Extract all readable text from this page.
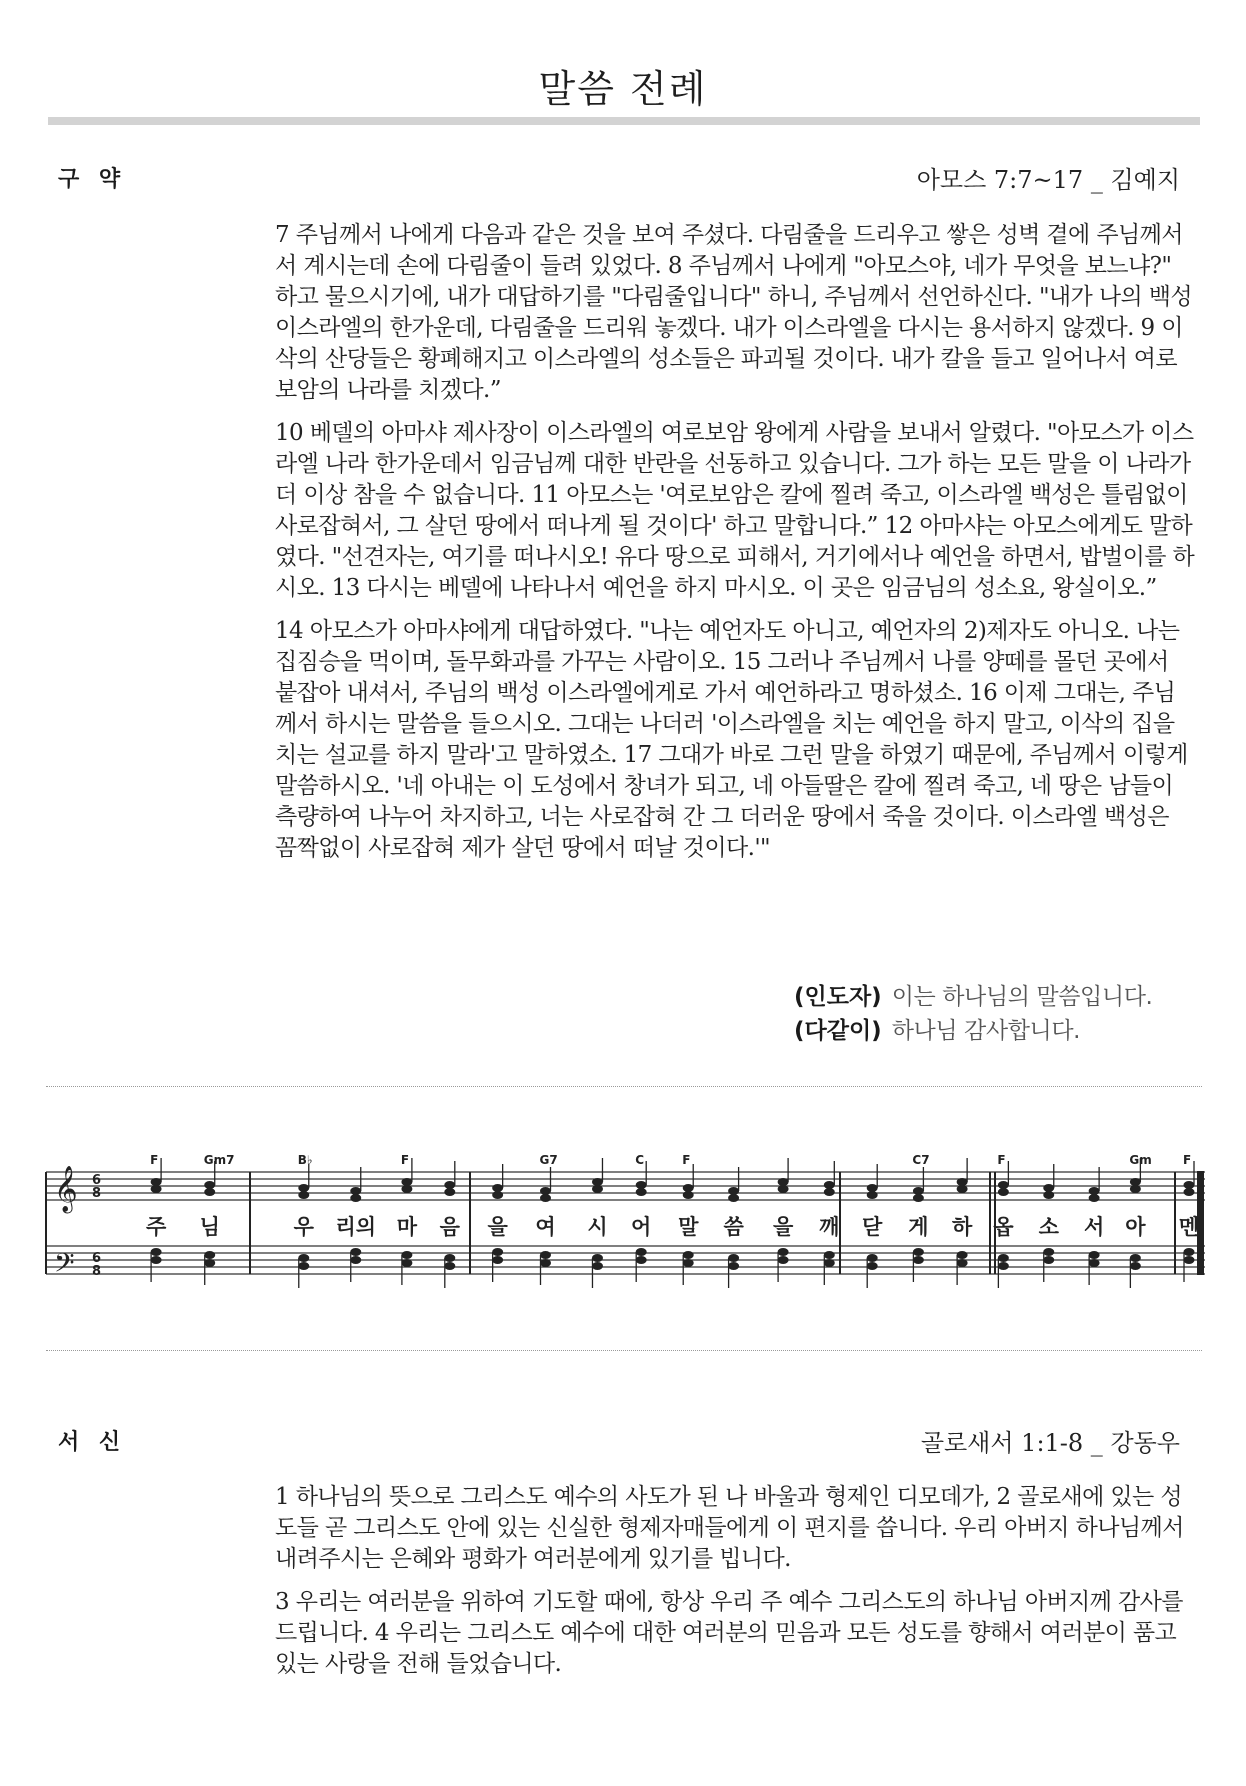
말씀 전례
구 약	아모스 7:7~17 _ 김예지

7 주님께서 나에게 다음과 같은 것을 보여 주셨다. 다림줄을 드리우고 쌓은 성벽 곁에 주님께서 서 계시는데 손에 다림줄이 들려 있었다. 8 주님께서 나에게 "아모스야, 네가 무엇을 보느냐?" 하고 물으시기에, 내가 대답하기를 "다림줄입니다" 하니, 주님께서 선언하신다. "내가 나의 백성 이스라엘의 한가운데, 다림줄을 드리워 놓겠다. 내가 이스라엘을 다시는 용서하지 않겠다. 9 이삭의 산당들은 황폐해지고 이스라엘의 성소들은 파괴될 것이다. 내가 칼을 들고 일어나서 여로보암의 나라를 치겠다.”

10 베델의 아마샤 제사장이 이스라엘의 여로보암 왕에게 사람을 보내서 알렸다. "아모스가 이스라엘 나라 한가운데서 임금님께 대한 반란을 선동하고 있습니다. 그가 하는 모든 말을 이 나라가 더 이상 참을 수 없습니다. 11 아모스는 '여로보암은 칼에 찔려 죽고, 이스라엘 백성은 틀림없이 사로잡혀서, 그 살던 땅에서 떠나게 될 것이다' 하고 말합니다.” 12 아마샤는 아모스에게도 말하였다. "선견자는, 여기를 떠나시오! 유다 땅으로 피해서, 거기에서나 예언을 하면서, 밥벌이를 하시오. 13 다시는 베델에 나타나서 예언을 하지 마시오. 이 곳은 임금님의 성소요, 왕실이오.”

14 아모스가 아마샤에게 대답하였다. "나는 예언자도 아니고, 예언자의 2)제자도 아니오. 나는 집짐승을 먹이며, 돌무화과를 가꾸는 사람이오. 15 그러나 주님께서 나를 양떼를 몰던 곳에서 붙잡아 내셔서, 주님의 백성 이스라엘에게로 가서 예언하라고 명하셨소. 16 이제 그대는, 주님께서 하시는 말씀을 들으시오. 그대는 나더러 '이스라엘을 치는 예언을 하지 말고, 이삭의 집을 치는 설교를 하지 말라'고 말하였소. 17 그대가 바로 그런 말을 하였기 때문에, 주님께서 이렇게 말씀하시오. '네 아내는 이 도성에서 창녀가 되고, 네 아들딸은 칼에 찔려 죽고, 네 땅은 남들이 측량하여 나누어 차지하고, 너는 사로잡혀 간 그 더러운 땅에서 죽을 것이다. 이스라엘 백성은 꼼짝없이 사로잡혀 제가 살던 땅에서 떠날 것이다.'"

(인도자) 이는 하나님의 말씀입니다.
(다같이) 하나님 감사합니다.
F	Gm7	B♭	F	G7	C	F	C7	F	Gm	F
주 님	우 리의 마 음 을 여 시 어 말 씀 을 깨 닫 게 하 옵 소 서 아 멘
𝄞
𝄢
6
8
6
8
서 신	골로새서 1:1-8 _ 강동우

1 하나님의 뜻으로 그리스도 예수의 사도가 된 나 바울과 형제인 디모데가, 2 골로새에 있는 성도들 곧 그리스도 안에 있는 신실한 형제자매들에게 이 편지를 씁니다. 우리 아버지 하나님께서 내려주시는 은혜와 평화가 여러분에게 있기를 빕니다.

3 우리는 여러분을 위하여 기도할 때에, 항상 우리 주 예수 그리스도의 하나님 아버지께 감사를 드립니다. 4 우리는 그리스도 예수에 대한 여러분의 믿음과 모든 성도를 향해서 여러분이 품고 있는 사랑을 전해 들었습니다.
